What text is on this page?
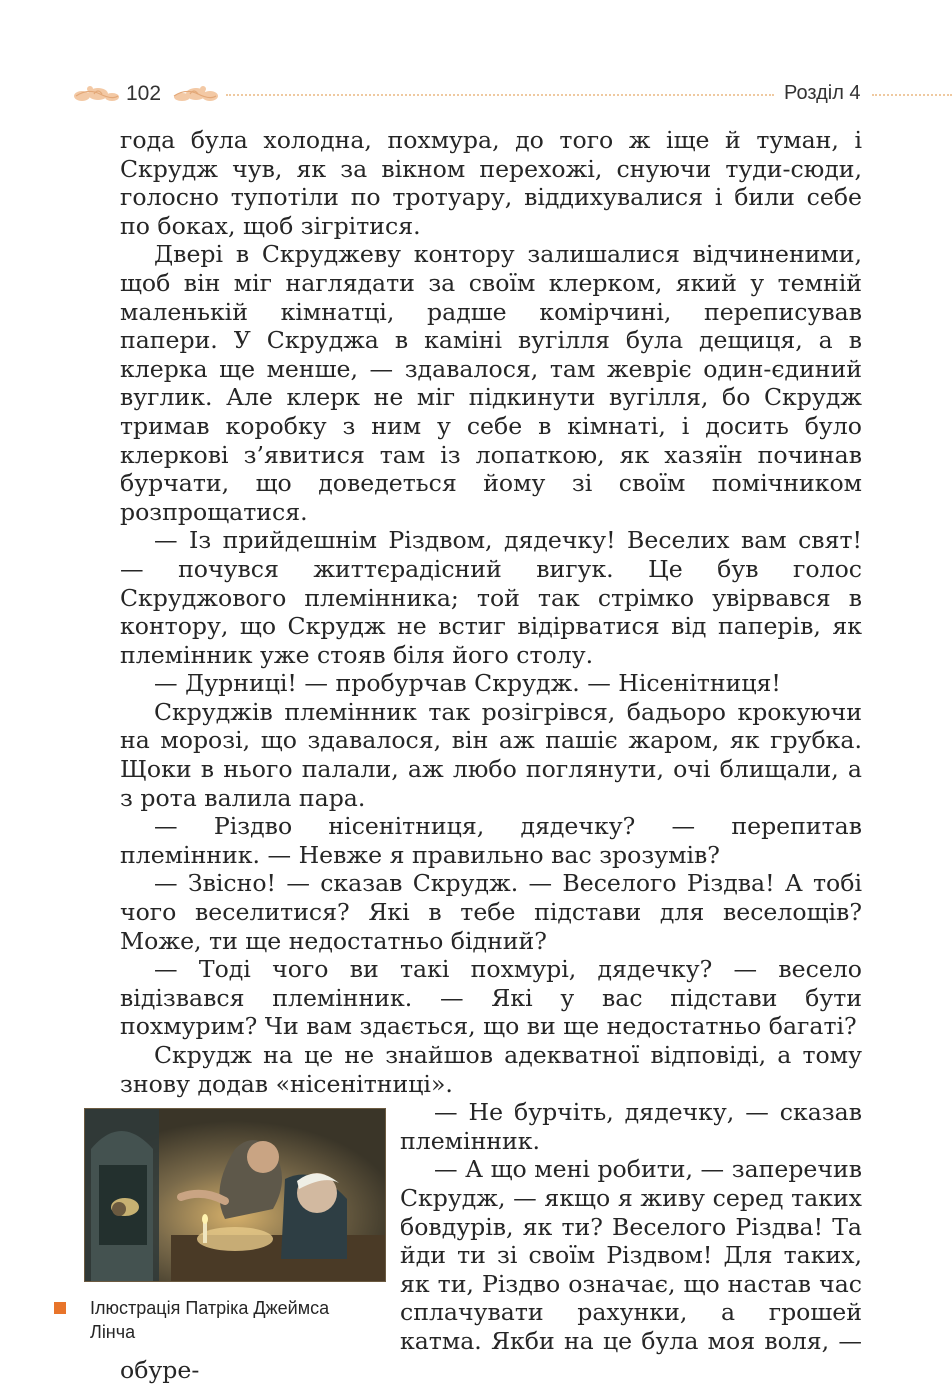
102	Розділ 4

года була холодна, похмура, до того ж іще й туман, і Скрудж чув, як за вікном перехожі, снуючи туди-сюди, голосно тупотіли по тротуару, віддихувалися і били себе по боках, щоб зігрітися.

Двері в Скруджеву контору залишалися відчиненими, щоб він міг наглядати за своїм клерком, який у темній маленькій кімнатці, радше комірчині, переписував папери. У Скруджа в каміні вугілля була дещиця, а в клерка ще менше, — здавалося, там жевріє один-єдиний вуглик. Але клерк не міг підкинути вугілля, бо Скрудж тримав коробку з ним у себе в кімнаті, і досить було клеркові з’явитися там із лопаткою, як хазяїн починав бурчати, що доведеться йому зі своїм помічником розпрощатися.

— Із прийдешнім Різдвом, дядечку! Веселих вам свят! — почувся життєрадісний вигук. Це був голос Скруджового племінника; той так стрімко увірвався в контору, що Скрудж не встиг відірватися від паперів, як племінник уже стояв біля його столу.

— Дурниці! — пробурчав Скрудж. — Нісенітниця!

Скруджів племінник так розігрівся, бадьоро крокуючи на морозі, що здавалося, він аж пашіє жаром, як грубка. Щоки в нього палали, аж любо поглянути, очі блищали, а з рота валила пара.

— Різдво нісенітниця, дядечку? — перепитав племінник. — Невже я правильно вас зрозумів?

— Звісно! — сказав Скрудж. — Веселого Різдва! А тобі чого веселитися? Які в тебе підстави для веселощів? Може, ти ще недостатньо бідний?

— Тоді чого ви такі похмурі, дядечку? — весело відізвався племінник. — Які у вас підстави бути похмурим? Чи вам здається, що ви ще недостатньо багаті?

Скрудж на це не знайшов адекватної відповіді, а тому знову додав «нісенітниці».

Ілюстрація Патріка Джеймса Лінча

— Не бурчіть, дядечку, — сказав племінник.

— А що мені робити, — заперечив Скрудж, — якщо я живу серед таких бовдурів, як ти? Веселого Різдва! Та йди ти зі своїм Різдвом! Для таких, як ти, Різдво означає, що настав час сплачувати рахунки, а грошей катма. Якби на це була моя воля, — обуре-
